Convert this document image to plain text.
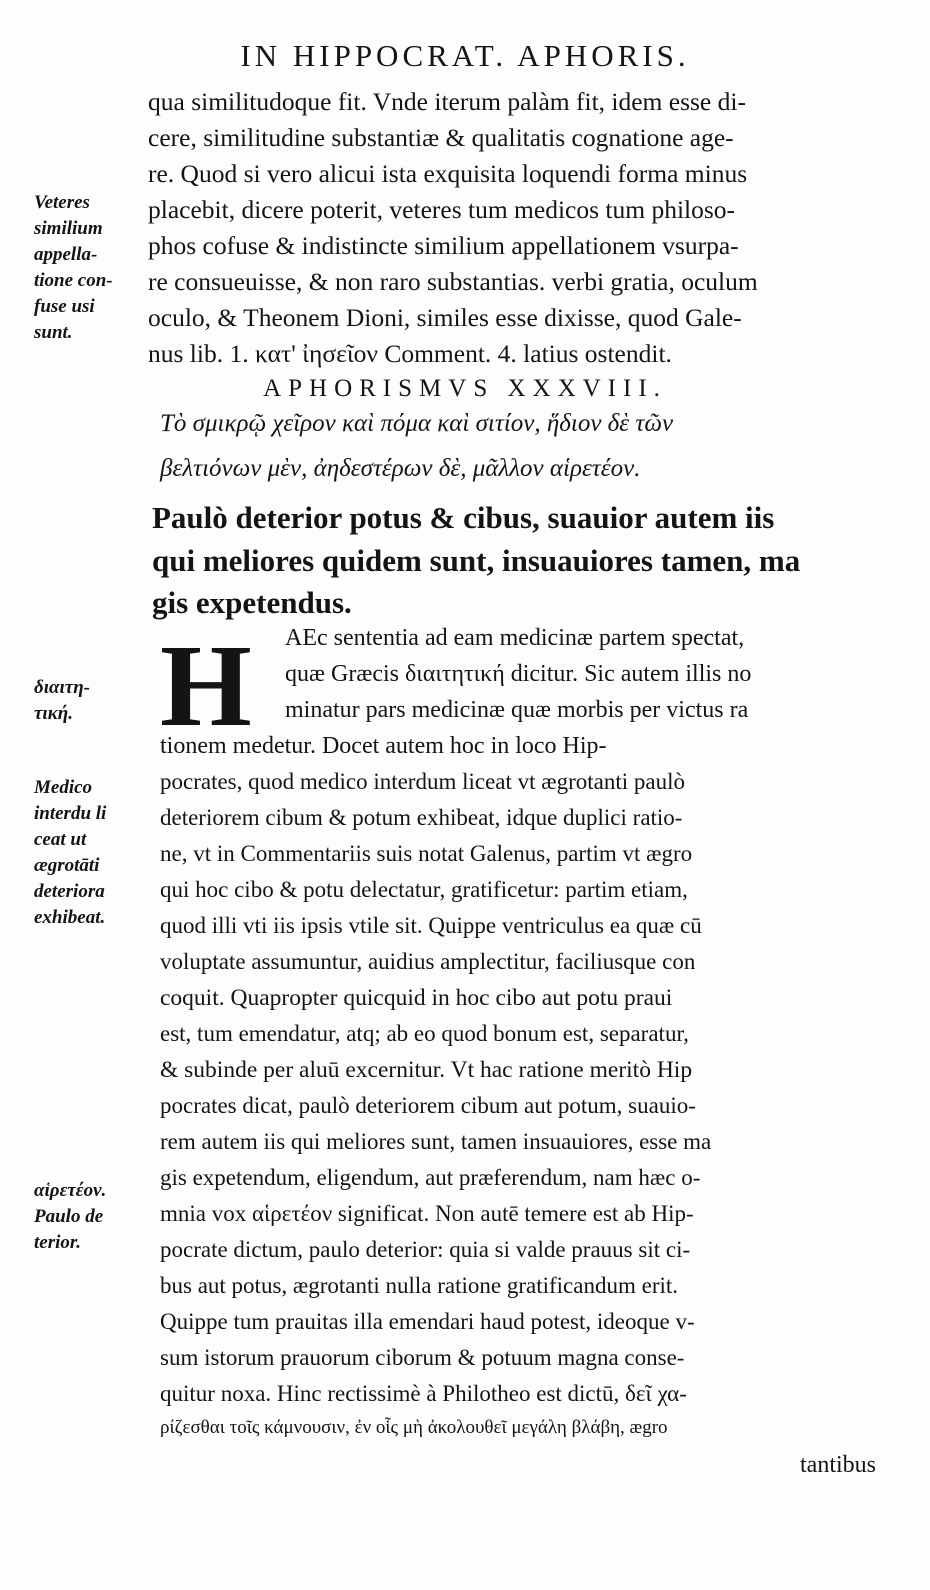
IN HIPPOCRAT. APHORIS.
qua similitudoque fit. Vnde iterum palàm fit, idem esse di-
cere, similitudine substantiæ & qualitatis cognatione age-
re. Quod si vero alicui ista exquisita loquendi forma minus
placebit, dicere poterit, veteres tum medicos tum philoso-
phos cofuse & indistincte similium appellationem vsurpa-
re consueuisse, & non raro substantias. verbi gratia, oculum
oculo, & Theonem Dioni, similes esse dixisse, quod Gale-
nus lib. 1. κατ' ἰησεῖον Comment. 4. latius ostendit.
Veteres
similium
appella-
tione con-
fuse usi
sunt.
APHORISMVS XXXVIII.
Τὸ σμικρῷ χεῖρον καὶ πόμα καὶ σιτίον, ἥδιον δὲ τῶν
βελτιόνων μὲν, ἀηδεστέρων δὲ, μᾶλλον αἱρετέον.
Paulò deterior potus & cibus, suauior autem iis
qui meliores quidem sunt, insuauiores tamen, ma
gis expetendus.
H
διαιτη-
τική.
Medico
interdu li
ceat ut
ægrotāti
deteriora
exhibeat.
αἱρετέον.
Paulo de
terior.
AEc sententia ad eam medicinæ partem spectat,
quæ Græcis διαιτητική dicitur. Sic autem illis no
minatur pars medicinæ quæ morbis per victus ra
tionem medetur. Docet autem hoc in loco Hip-
pocrates, quod medico interdum liceat vt ægrotanti paulò
deteriorem cibum & potum exhibeat, idque duplici ratio-
ne, vt in Commentariis suis notat Galenus, partim vt ægro
qui hoc cibo & potu delectatur, gratificetur: partim etiam,
quod illi vti iis ipsis vtile sit. Quippe ventriculus ea quæ cū
voluptate assumuntur, auidius amplectitur, faciliusque con
coquit. Quapropter quicquid in hoc cibo aut potu praui
est, tum emendatur, atq; ab eo quod bonum est, separatur,
& subinde per aluū excernitur. Vt hac ratione meritò Hip
pocrates dicat, paulò deteriorem cibum aut potum, suauio-
rem autem iis qui meliores sunt, tamen insuauiores, esse ma
gis expetendum, eligendum, aut præferendum, nam hæc o-
mnia vox αἱρετέον significat. Non autē temere est ab Hip-
pocrate dictum, paulo deterior: quia si valde prauus sit ci-
bus aut potus, ægrotanti nulla ratione gratificandum erit.
Quippe tum prauitas illa emendari haud potest, ideoque v-
sum istorum prauorum ciborum & potuum magna conse-
quitur noxa. Hinc rectissimè à Philotheo est dictū, δεῖ χα-
ρίζεσθαι τοῖς κάμνουσιν, ἐν οἷς μὴ ἀκολουθεῖ μεγάλη βλάβη, ægro
tantibus
